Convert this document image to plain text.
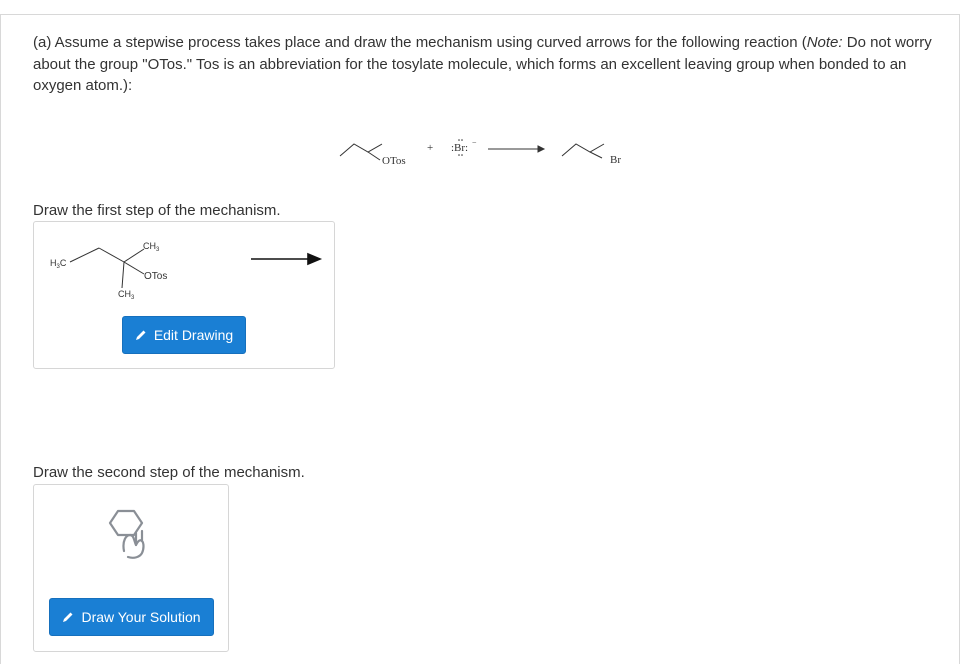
(a) Assume a stepwise process takes place and draw the mechanism using curved arrows for the following reaction (Note: Do not worry about the group "OTos." Tos is an abbreviation for the tosylate molecule, which forms an excellent leaving group when bonded to an oxygen atom.):
OTos
+ :Br: −
Br
Draw the first step of the mechanism.
$H_3C$
$CH_3$
OTos
$CH_3$
Edit Drawing
Draw the second step of the mechanism.
Draw Your Solution
